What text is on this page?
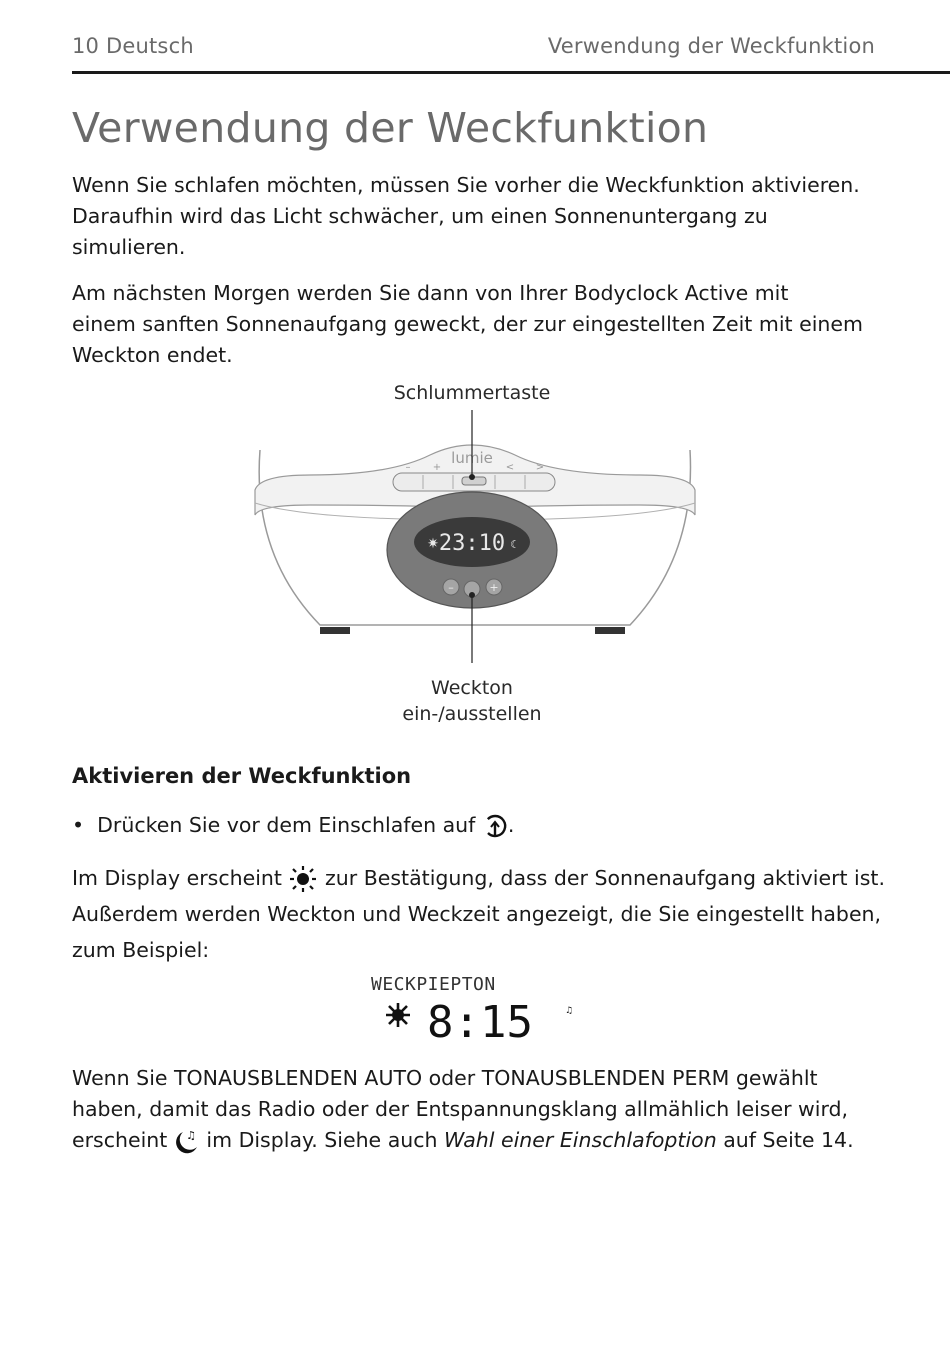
10 Deutsch	Verwendung der Weckfunktion
Verwendung der Weckfunktion
Wenn Sie schlafen möchten, müssen Sie vorher die Weckfunktion aktivieren.
Daraufhin wird das Licht schwächer, um einen Sonnenuntergang zu
simulieren.
Am nächsten Morgen werden Sie dann von Ihrer Bodyclock Active mit
einem sanften Sonnenaufgang geweckt, der zur eingestellten Zeit mit einem
Weckton endet.
Schlummertaste
lumie
– +	< >
23:10
✷	☾
–	+
Weckton
ein-/ausstellen
Aktivieren der Weckfunktion
•  Drücken Sie vor dem Einschlafen auf .
Im Display erscheint zur Bestätigung, dass der Sonnenaufgang aktiviert ist.
Außerdem werden Weckton und Weckzeit angezeigt, die Sie eingestellt haben,
zum Beispiel:
WECKPIEPTON
8:15	♫
Wenn Sie TONAUSBLENDEN AUTO oder TONAUSBLENDEN PERM gewählt
haben, damit das Radio oder der Entspannungsklang allmählich leiser wird,
erscheint ♫ im Display. Siehe auch Wahl einer Einschlafoption auf Seite 14.
